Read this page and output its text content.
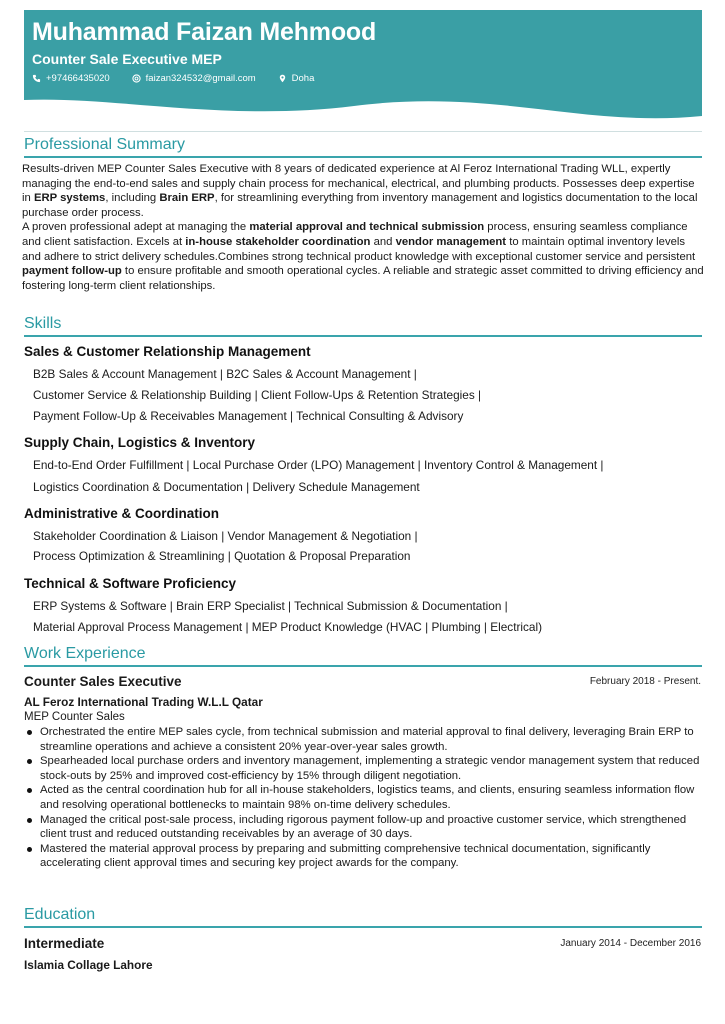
Muhammad Faizan Mehmood
Counter Sale Executive MEP
+97466435020	faizan324532@gmail.com	Doha
Professional Summary

Results-driven MEP Counter Sales Executive with 8 years of dedicated experience at Al Feroz International Trading WLL, expertly managing the end-to-end sales and supply chain process for mechanical, electrical, and plumbing products. Possesses deep expertise in ERP systems, including Brain ERP, for streamlining everything from inventory management and logistics documentation to the local purchase order process.

A proven professional adept at managing the material approval and technical submission process, ensuring seamless compliance and client satisfaction. Excels at in-house stakeholder coordination and vendor management to maintain optimal inventory levels and adhere to strict delivery schedules.Combines strong technical product knowledge with exceptional customer service and persistent payment follow-up to ensure profitable and smooth operational cycles. A reliable and strategic asset committed to driving efficiency and fostering long-term client relationships.

Skills
Sales & Customer Relationship Management
B2B Sales & Account Management | B2C Sales & Account Management |
Customer Service & Relationship Building | Client Follow-Ups & Retention Strategies |
Payment Follow-Up & Receivables Management | Technical Consulting & Advisory
Supply Chain, Logistics & Inventory
End-to-End Order Fulfillment | Local Purchase Order (LPO) Management | Inventory Control & Management |
Logistics Coordination & Documentation | Delivery Schedule Management
Administrative & Coordination
Stakeholder Coordination & Liaison | Vendor Management & Negotiation |
Process Optimization & Streamlining | Quotation & Proposal Preparation
Technical & Software Proficiency
ERP Systems & Software | Brain ERP Specialist | Technical Submission & Documentation |
Material Approval Process Management | MEP Product Knowledge (HVAC | Plumbing | Electrical)
Work Experience
Counter Sales Executive	February 2018 - Present.
AL Feroz International Trading W.L.L Qatar
MEP Counter Sales
Orchestrated the entire MEP sales cycle, from technical submission and material approval to final delivery, leveraging Brain ERP to streamline operations and achieve a consistent 20% year-over-year sales growth.
Spearheaded local purchase orders and inventory management, implementing a strategic vendor management system that reduced stock-outs by 25% and improved cost-efficiency by 15% through diligent negotiation.
Acted as the central coordination hub for all in-house stakeholders, logistics teams, and clients, ensuring seamless information flow and resolving operational bottlenecks to maintain 98% on-time delivery schedules.
Managed the critical post-sale process, including rigorous payment follow-up and proactive customer service, which strengthened client trust and reduced outstanding receivables by an average of 30 days.
Mastered the material approval process by preparing and submitting comprehensive technical documentation, significantly accelerating client approval times and securing key project awards for the company.
Education
Intermediate	January 2014 - December 2016
Islamia Collage Lahore
